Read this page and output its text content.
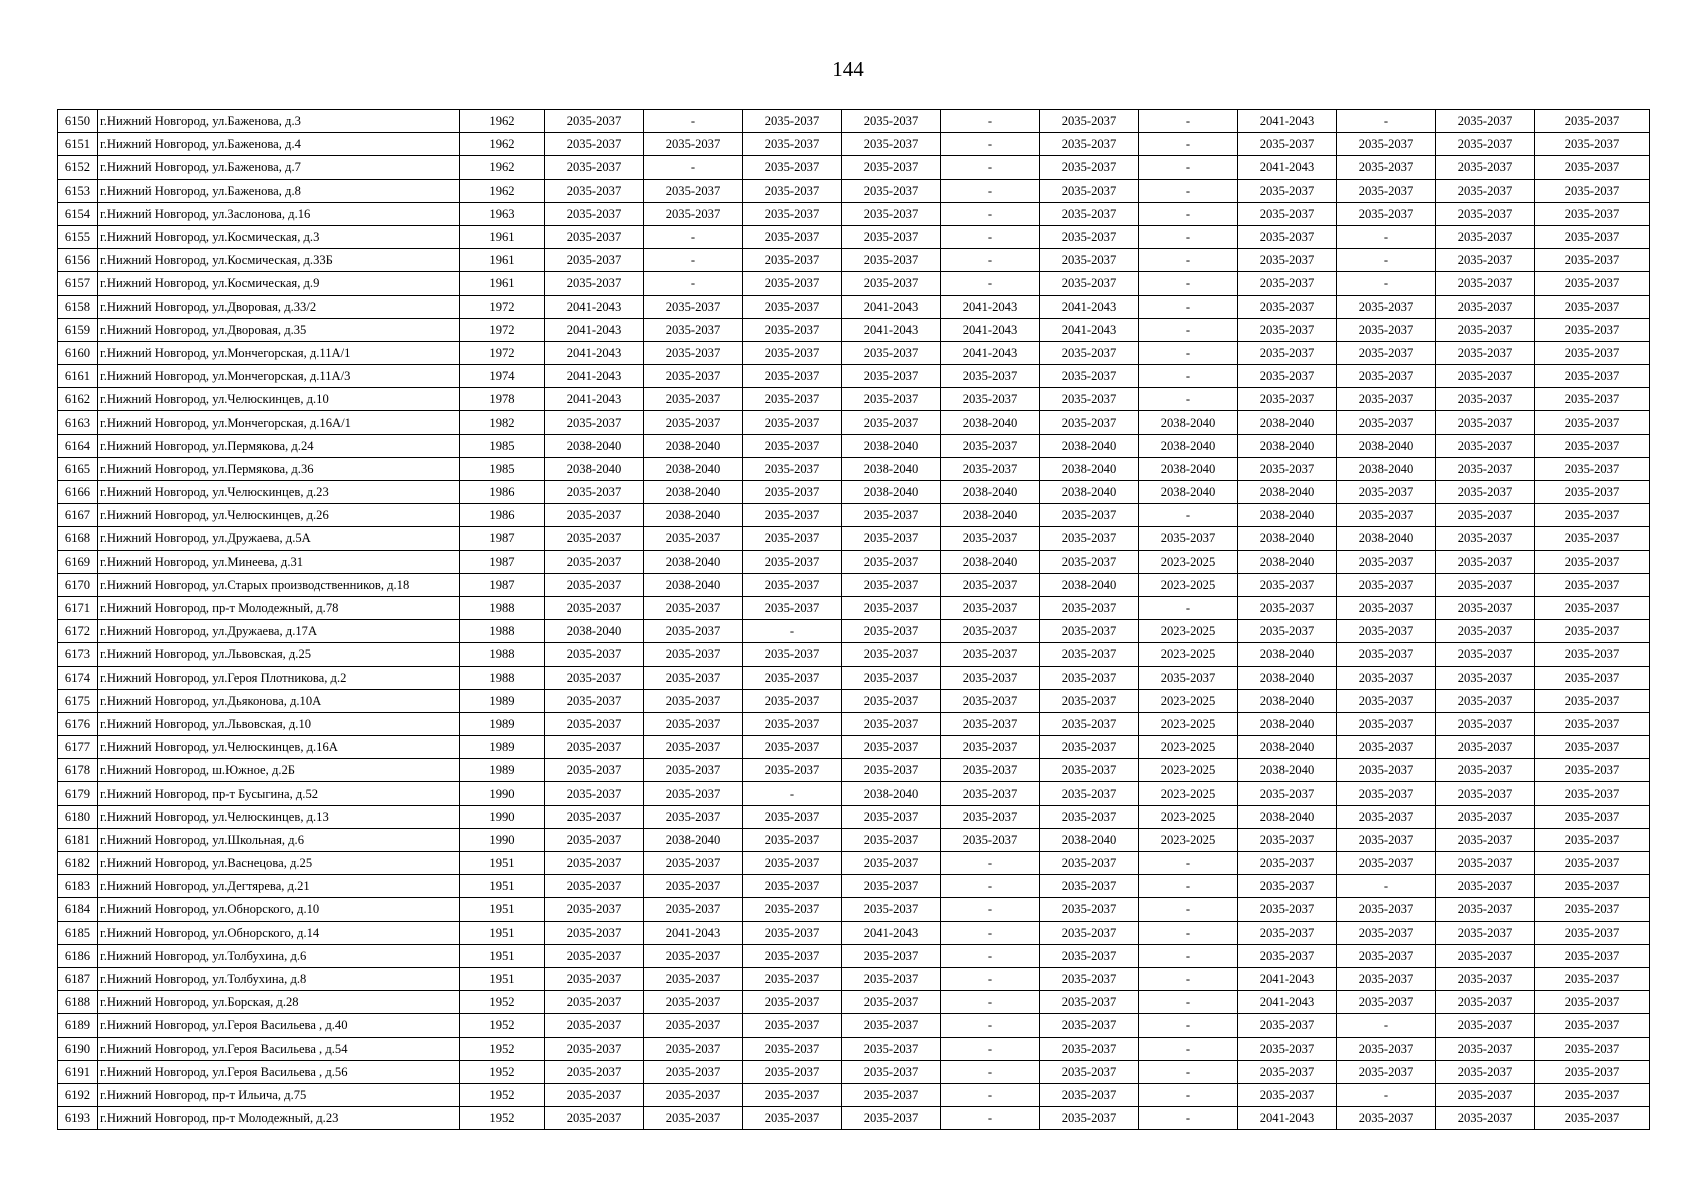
144
6150	г.Нижний Новгород, ул.Баженова, д.3	1962	2035-2037	-	2035-2037	2035-2037	-	2035-2037	-	2041-2043	-	2035-2037	2035-2037
6151	г.Нижний Новгород, ул.Баженова, д.4	1962	2035-2037	2035-2037	2035-2037	2035-2037	-	2035-2037	-	2035-2037	2035-2037	2035-2037	2035-2037
6152	г.Нижний Новгород, ул.Баженова, д.7	1962	2035-2037	-	2035-2037	2035-2037	-	2035-2037	-	2041-2043	2035-2037	2035-2037	2035-2037
6153	г.Нижний Новгород, ул.Баженова, д.8	1962	2035-2037	2035-2037	2035-2037	2035-2037	-	2035-2037	-	2035-2037	2035-2037	2035-2037	2035-2037
6154	г.Нижний Новгород, ул.Заслонова, д.16	1963	2035-2037	2035-2037	2035-2037	2035-2037	-	2035-2037	-	2035-2037	2035-2037	2035-2037	2035-2037
6155	г.Нижний Новгород, ул.Космическая, д.3	1961	2035-2037	-	2035-2037	2035-2037	-	2035-2037	-	2035-2037	-	2035-2037	2035-2037
6156	г.Нижний Новгород, ул.Космическая, д.33Б	1961	2035-2037	-	2035-2037	2035-2037	-	2035-2037	-	2035-2037	-	2035-2037	2035-2037
6157	г.Нижний Новгород, ул.Космическая, д.9	1961	2035-2037	-	2035-2037	2035-2037	-	2035-2037	-	2035-2037	-	2035-2037	2035-2037
6158	г.Нижний Новгород, ул.Дворовая, д.33/2	1972	2041-2043	2035-2037	2035-2037	2041-2043	2041-2043	2041-2043	-	2035-2037	2035-2037	2035-2037	2035-2037
6159	г.Нижний Новгород, ул.Дворовая, д.35	1972	2041-2043	2035-2037	2035-2037	2041-2043	2041-2043	2041-2043	-	2035-2037	2035-2037	2035-2037	2035-2037
6160	г.Нижний Новгород, ул.Мончегорская, д.11А/1	1972	2041-2043	2035-2037	2035-2037	2035-2037	2041-2043	2035-2037	-	2035-2037	2035-2037	2035-2037	2035-2037
6161	г.Нижний Новгород, ул.Мончегорская, д.11А/3	1974	2041-2043	2035-2037	2035-2037	2035-2037	2035-2037	2035-2037	-	2035-2037	2035-2037	2035-2037	2035-2037
6162	г.Нижний Новгород, ул.Челюскинцев, д.10	1978	2041-2043	2035-2037	2035-2037	2035-2037	2035-2037	2035-2037	-	2035-2037	2035-2037	2035-2037	2035-2037
6163	г.Нижний Новгород, ул.Мончегорская, д.16А/1	1982	2035-2037	2035-2037	2035-2037	2035-2037	2038-2040	2035-2037	2038-2040	2038-2040	2035-2037	2035-2037	2035-2037
6164	г.Нижний Новгород, ул.Пермякова, д.24	1985	2038-2040	2038-2040	2035-2037	2038-2040	2035-2037	2038-2040	2038-2040	2038-2040	2038-2040	2035-2037	2035-2037
6165	г.Нижний Новгород, ул.Пермякова, д.36	1985	2038-2040	2038-2040	2035-2037	2038-2040	2035-2037	2038-2040	2038-2040	2035-2037	2038-2040	2035-2037	2035-2037
6166	г.Нижний Новгород, ул.Челюскинцев, д.23	1986	2035-2037	2038-2040	2035-2037	2038-2040	2038-2040	2038-2040	2038-2040	2038-2040	2035-2037	2035-2037	2035-2037
6167	г.Нижний Новгород, ул.Челюскинцев, д.26	1986	2035-2037	2038-2040	2035-2037	2035-2037	2038-2040	2035-2037	-	2038-2040	2035-2037	2035-2037	2035-2037
6168	г.Нижний Новгород, ул.Дружаева, д.5А	1987	2035-2037	2035-2037	2035-2037	2035-2037	2035-2037	2035-2037	2035-2037	2038-2040	2038-2040	2035-2037	2035-2037
6169	г.Нижний Новгород, ул.Минеева, д.31	1987	2035-2037	2038-2040	2035-2037	2035-2037	2038-2040	2035-2037	2023-2025	2038-2040	2035-2037	2035-2037	2035-2037
6170	г.Нижний Новгород, ул.Старых производственников, д.18	1987	2035-2037	2038-2040	2035-2037	2035-2037	2035-2037	2038-2040	2023-2025	2035-2037	2035-2037	2035-2037	2035-2037
6171	г.Нижний Новгород, пр-т Молодежный, д.78	1988	2035-2037	2035-2037	2035-2037	2035-2037	2035-2037	2035-2037	-	2035-2037	2035-2037	2035-2037	2035-2037
6172	г.Нижний Новгород, ул.Дружаева, д.17А	1988	2038-2040	2035-2037	-	2035-2037	2035-2037	2035-2037	2023-2025	2035-2037	2035-2037	2035-2037	2035-2037
6173	г.Нижний Новгород, ул.Львовская, д.25	1988	2035-2037	2035-2037	2035-2037	2035-2037	2035-2037	2035-2037	2023-2025	2038-2040	2035-2037	2035-2037	2035-2037
6174	г.Нижний Новгород, ул.Героя Плотникова, д.2	1988	2035-2037	2035-2037	2035-2037	2035-2037	2035-2037	2035-2037	2035-2037	2038-2040	2035-2037	2035-2037	2035-2037
6175	г.Нижний Новгород, ул.Дьяконова, д.10А	1989	2035-2037	2035-2037	2035-2037	2035-2037	2035-2037	2035-2037	2023-2025	2038-2040	2035-2037	2035-2037	2035-2037
6176	г.Нижний Новгород, ул.Львовская, д.10	1989	2035-2037	2035-2037	2035-2037	2035-2037	2035-2037	2035-2037	2023-2025	2038-2040	2035-2037	2035-2037	2035-2037
6177	г.Нижний Новгород, ул.Челюскинцев, д.16А	1989	2035-2037	2035-2037	2035-2037	2035-2037	2035-2037	2035-2037	2023-2025	2038-2040	2035-2037	2035-2037	2035-2037
6178	г.Нижний Новгород, ш.Южное, д.2Б	1989	2035-2037	2035-2037	2035-2037	2035-2037	2035-2037	2035-2037	2023-2025	2038-2040	2035-2037	2035-2037	2035-2037
6179	г.Нижний Новгород, пр-т Бусыгина, д.52	1990	2035-2037	2035-2037	-	2038-2040	2035-2037	2035-2037	2023-2025	2035-2037	2035-2037	2035-2037	2035-2037
6180	г.Нижний Новгород, ул.Челюскинцев, д.13	1990	2035-2037	2035-2037	2035-2037	2035-2037	2035-2037	2035-2037	2023-2025	2038-2040	2035-2037	2035-2037	2035-2037
6181	г.Нижний Новгород, ул.Школьная, д.6	1990	2035-2037	2038-2040	2035-2037	2035-2037	2035-2037	2038-2040	2023-2025	2035-2037	2035-2037	2035-2037	2035-2037
6182	г.Нижний Новгород, ул.Васнецова, д.25	1951	2035-2037	2035-2037	2035-2037	2035-2037	-	2035-2037	-	2035-2037	2035-2037	2035-2037	2035-2037
6183	г.Нижний Новгород, ул.Дегтярева, д.21	1951	2035-2037	2035-2037	2035-2037	2035-2037	-	2035-2037	-	2035-2037	-	2035-2037	2035-2037
6184	г.Нижний Новгород, ул.Обнорского, д.10	1951	2035-2037	2035-2037	2035-2037	2035-2037	-	2035-2037	-	2035-2037	2035-2037	2035-2037	2035-2037
6185	г.Нижний Новгород, ул.Обнорского, д.14	1951	2035-2037	2041-2043	2035-2037	2041-2043	-	2035-2037	-	2035-2037	2035-2037	2035-2037	2035-2037
6186	г.Нижний Новгород, ул.Толбухина, д.6	1951	2035-2037	2035-2037	2035-2037	2035-2037	-	2035-2037	-	2035-2037	2035-2037	2035-2037	2035-2037
6187	г.Нижний Новгород, ул.Толбухина, д.8	1951	2035-2037	2035-2037	2035-2037	2035-2037	-	2035-2037	-	2041-2043	2035-2037	2035-2037	2035-2037
6188	г.Нижний Новгород, ул.Борская, д.28	1952	2035-2037	2035-2037	2035-2037	2035-2037	-	2035-2037	-	2041-2043	2035-2037	2035-2037	2035-2037
6189	г.Нижний Новгород, ул.Героя Васильева , д.40	1952	2035-2037	2035-2037	2035-2037	2035-2037	-	2035-2037	-	2035-2037	-	2035-2037	2035-2037
6190	г.Нижний Новгород, ул.Героя Васильева , д.54	1952	2035-2037	2035-2037	2035-2037	2035-2037	-	2035-2037	-	2035-2037	2035-2037	2035-2037	2035-2037
6191	г.Нижний Новгород, ул.Героя Васильева , д.56	1952	2035-2037	2035-2037	2035-2037	2035-2037	-	2035-2037	-	2035-2037	2035-2037	2035-2037	2035-2037
6192	г.Нижний Новгород, пр-т Ильича, д.75	1952	2035-2037	2035-2037	2035-2037	2035-2037	-	2035-2037	-	2035-2037	-	2035-2037	2035-2037
6193	г.Нижний Новгород, пр-т Молодежный, д.23	1952	2035-2037	2035-2037	2035-2037	2035-2037	-	2035-2037	-	2041-2043	2035-2037	2035-2037	2035-2037
